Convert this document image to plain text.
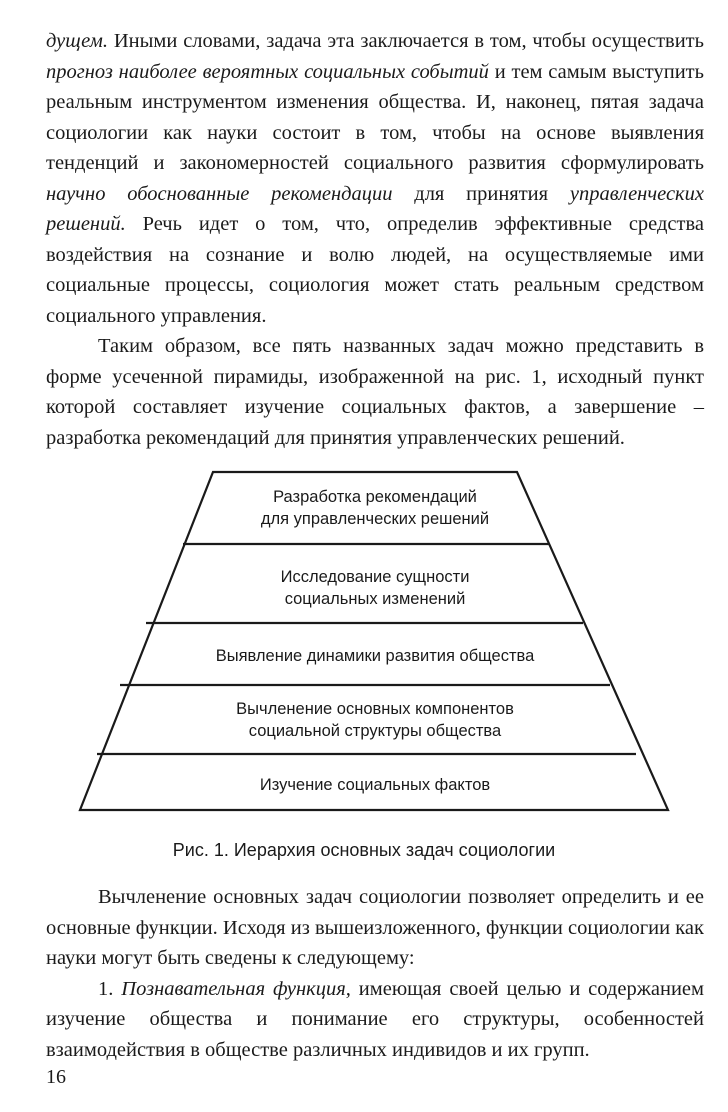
дущем. Иными словами, задача эта заключается в том, чтобы осуществить прогноз наиболее вероятных социальных событий и тем самым выступить реальным инструментом изменения общества. И, наконец, пятая задача социологии как науки состоит в том, чтобы на основе выявления тенденций и закономерностей социального развития сформулировать научно обоснованные рекомендации для принятия управленческих решений. Речь идет о том, что, определив эффективные средства воздействия на сознание и волю людей, на осуществляемые ими социальные процессы, социология может стать реальным средством социального управления.

Таким образом, все пять названных задач можно представить в форме усеченной пирамиды, изображенной на рис. 1, исходный пункт которой составляет изучение социальных фактов, а завершение – разработка рекомендаций для принятия управленческих решений.

Разработка рекомендаций
для управленческих решений
Исследование сущности
социальных изменений
Выявление динамики развития общества
Вычленение основных компонентов
социальной структуры общества
Изучение социальных фактов
Рис. 1. Иерархия основных задач социологии

Вычленение основных задач социологии позволяет определить и ее основные функции. Исходя из вышеизложенного, функции социологии как науки могут быть сведены к следующему:

1. Познавательная функция, имеющая своей целью и содержанием изучение общества и понимание его структуры, особенностей взаимодействия в обществе различных индивидов и их групп.

16
